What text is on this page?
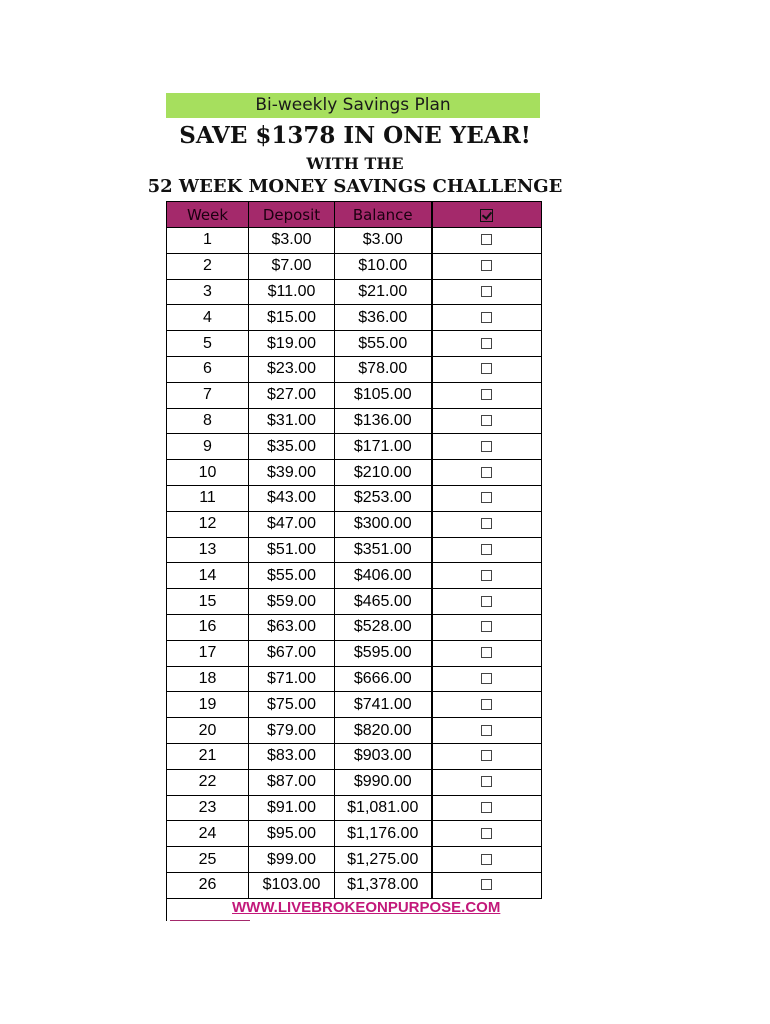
Bi-weekly Savings Plan
SAVE $1378 IN ONE YEAR!
WITH THE
52 WEEK MONEY SAVINGS CHALLENGE
Week	Deposit	Balance	
1	$3.00	$3.00	
2	$7.00	$10.00	
3	$11.00	$21.00	
4	$15.00	$36.00	
5	$19.00	$55.00	
6	$23.00	$78.00	
7	$27.00	$105.00	
8	$31.00	$136.00	
9	$35.00	$171.00	
10	$39.00	$210.00	
11	$43.00	$253.00	
12	$47.00	$300.00	
13	$51.00	$351.00	
14	$55.00	$406.00	
15	$59.00	$465.00	
16	$63.00	$528.00	
17	$67.00	$595.00	
18	$71.00	$666.00	
19	$75.00	$741.00	
20	$79.00	$820.00	
21	$83.00	$903.00	
22	$87.00	$990.00	
23	$91.00	$1,081.00	
24	$95.00	$1,176.00	
25	$99.00	$1,275.00	
26	$103.00	$1,378.00	
WWW.LIVEBROKEONPURPOSE.COM
